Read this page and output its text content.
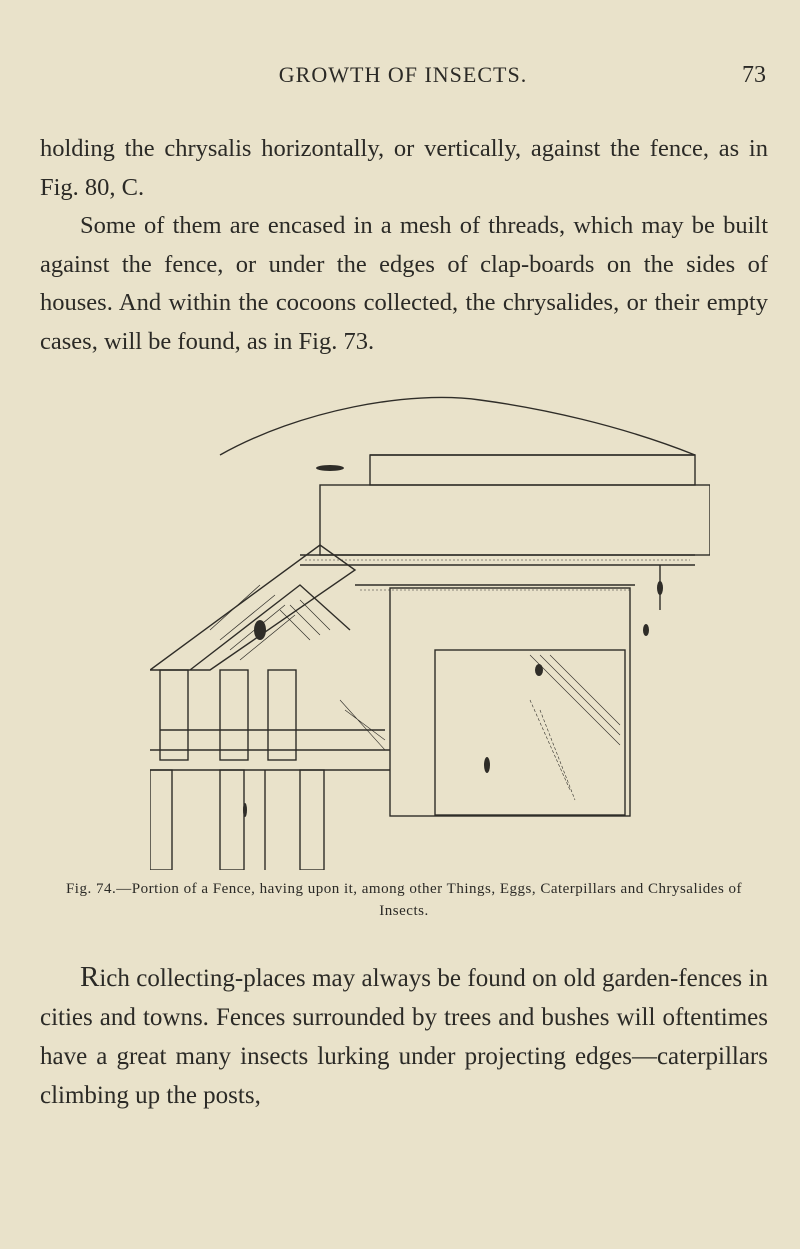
GROWTH OF INSECTS.	73

holding the chrysalis horizontally, or vertically, against the fence, as in Fig. 80, C.

Some of them are encased in a mesh of threads, which may be built against the fence, or under the edges of clap-boards on the sides of houses. And within the cocoons collected, the chrysalides, or their empty cases, will be found, as in Fig. 73.

Fig. 74.—Portion of a Fence, having upon it, among other Things, Eggs, Caterpillars and Chrysalides of Insects.

Rich collecting-places may always be found on old garden-fences in cities and towns. Fences surrounded by trees and bushes will oftentimes have a great many insects lurking under projecting edges—caterpillars climbing up the posts,
